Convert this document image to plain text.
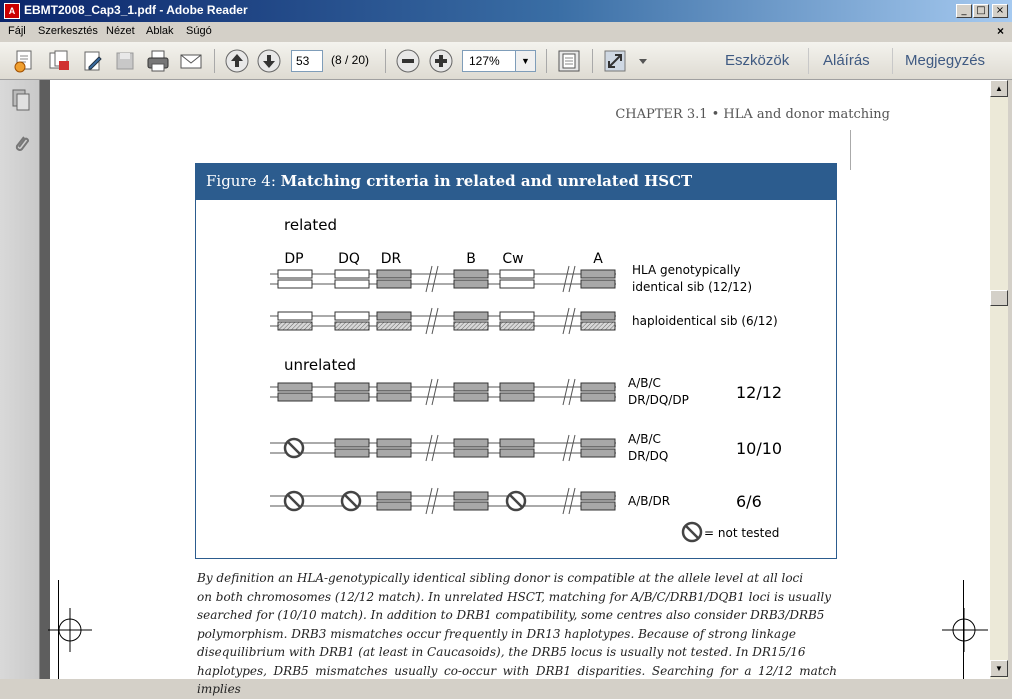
A EBMT2008_Cap3_1.pdf - Adobe Reader	_ □	×
Fájl Szerkesztés Nézet Ablak Súgó	×
53	(8 / 20)	127%	▼	Eszközök Aláírás Megjegyzés
CHAPTER 3.1 • HLA and donor matching
Figure 4: Matching criteria in related and unrelated HSCT
related
unrelated
DP DQ DR	B Cw	A
HLA genotypically
identical sib (12/12)
haploidentical sib (6/12)
A/B/C
DR/DQ/DP	12/12
A/B/C
DR/DQ	10/10
A/B/DR	6/6
= not tested
By definition an HLA-genotypically identical sibling donor is compatible at the allele level at all loci
on both chromosomes (12/12 match). In unrelated HSCT, matching for A/B/C/DRB1/DQB1 loci is usually
searched for (10/10 match). In addition to DRB1 compatibility, some centres also consider DRB3/DRB5
polymorphism. DRB3 mismatches occur frequently in DR13 haplotypes. Because of strong linkage
disequilibrium with DRB1 (at least in Caucasoids), the DRB5 locus is usually not tested. In DR15/16
haplotypes, DRB5 mismatches usually co-occur with DRB1 disparities. Searching for a 12/12 match implies
▲
▼
